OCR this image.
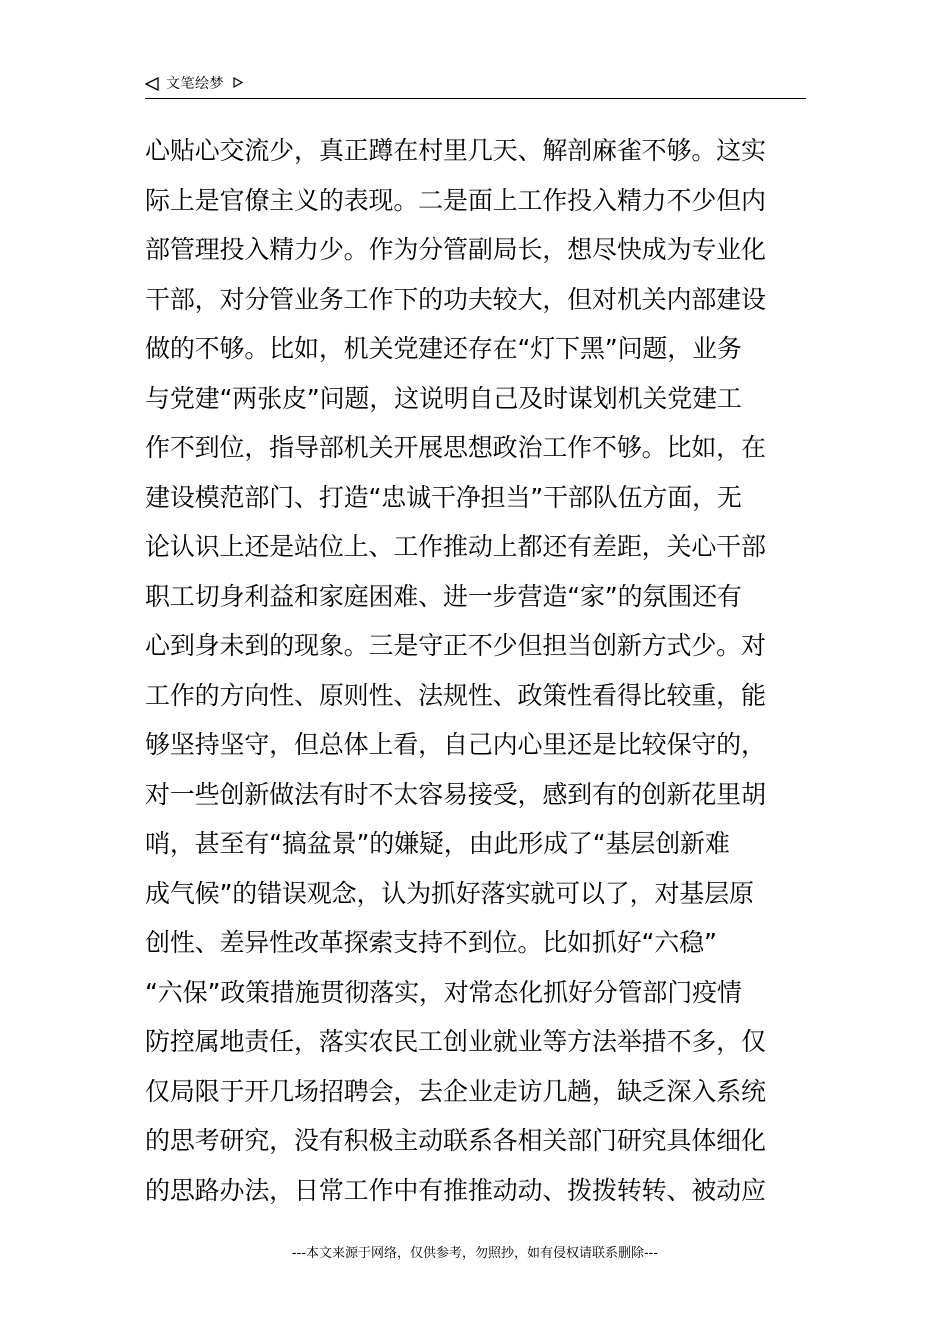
文笔绘梦
心贴心交流少，真正蹲在村里几天、解剖麻雀不够。这实
际上是官僚主义的表现。二是面上工作投入精力不少但内
部管理投入精力少。作为分管副局长，想尽快成为专业化
干部，对分管业务工作下的功夫较大，但对机关内部建设
做的不够。比如，机关党建还存在“灯下黑”问题，业务
与党建“两张皮”问题，这说明自己及时谋划机关党建工
作不到位，指导部机关开展思想政治工作不够。比如，在
建设模范部门、打造“忠诚干净担当”干部队伍方面，无
论认识上还是站位上、工作推动上都还有差距，关心干部
职工切身利益和家庭困难、进一步营造“家”的氛围还有
心到身未到的现象。三是守正不少但担当创新方式少。对
工作的方向性、原则性、法规性、政策性看得比较重，能
够坚持坚守，但总体上看，自己内心里还是比较保守的，
对一些创新做法有时不太容易接受，感到有的创新花里胡
哨，甚至有“搞盆景”的嫌疑，由此形成了“基层创新难
成气候”的错误观念，认为抓好落实就可以了，对基层原
创性、差异性改革探索支持不到位。比如抓好“六稳”
“六保”政策措施贯彻落实，对常态化抓好分管部门疫情
防控属地责任，落实农民工创业就业等方法举措不多，仅
仅局限于开几场招聘会，去企业走访几趟，缺乏深入系统
的思考研究，没有积极主动联系各相关部门研究具体细化
的思路办法，日常工作中有推推动动、拨拨转转、被动应
---本文来源于网络，仅供参考，勿照抄，如有侵权请联系删除---
